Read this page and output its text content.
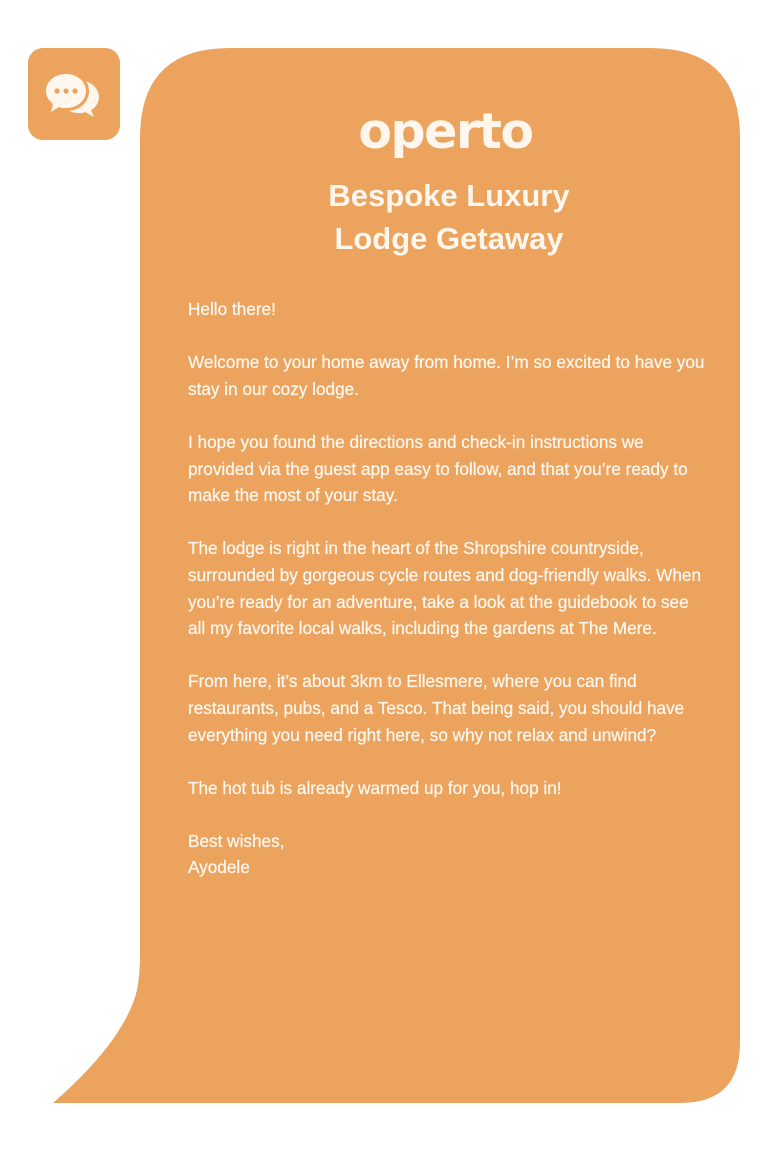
operto
Bespoke Luxury
Lodge Getaway

Hello there!

Welcome to your home away from home. I’m so excited to have you stay in our cozy lodge.

I hope you found the directions and check-in instructions we provided via the guest app easy to follow, and that you’re ready to make the most of your stay.

The lodge is right in the heart of the Shropshire countryside, surrounded by gorgeous cycle routes and dog-friendly walks. When you’re ready for an adventure, take a look at the guidebook to see all my favorite local walks, including the gardens at The Mere.

From here, it’s about 3km to Ellesmere, where you can find restaurants, pubs, and a Tesco. That being said, you should have everything you need right here, so why not relax and unwind?

The hot tub is already warmed up for you, hop in!

Best wishes,
Ayodele
